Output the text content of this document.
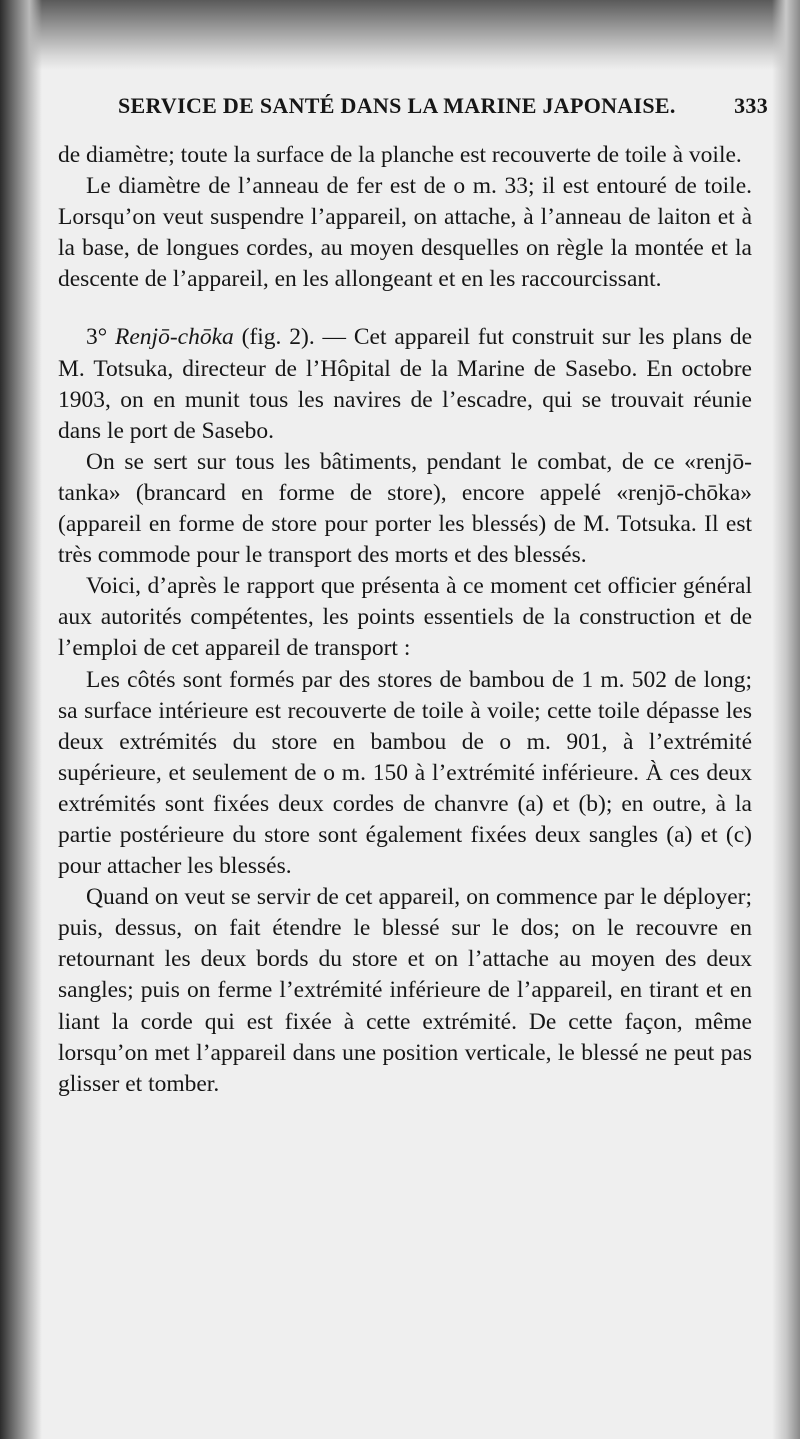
SERVICE DE SANTÉ DANS LA MARINE JAPONAISE.	333

de diamètre; toute la surface de la planche est recouverte de toile à voile.

Le diamètre de l’anneau de fer est de o m. 33; il est entouré de toile. Lorsqu’on veut suspendre l’appareil, on attache, à l’anneau de laiton et à la base, de longues cordes, au moyen desquelles on règle la montée et la descente de l’appareil, en les allongeant et en les raccourcissant.

3° Renjō-chōka (fig. 2). — Cet appareil fut construit sur les plans de M. Totsuka, directeur de l’Hôpital de la Marine de Sasebo. En octobre 1903, on en munit tous les navires de l’escadre, qui se trouvait réunie dans le port de Sasebo.

On se sert sur tous les bâtiments, pendant le combat, de ce «renjō-tanka» (brancard en forme de store), encore appelé «renjō-chōka» (appareil en forme de store pour porter les blessés) de M. Totsuka. Il est très commode pour le transport des morts et des blessés.

Voici, d’après le rapport que présenta à ce moment cet officier général aux autorités compétentes, les points essentiels de la construction et de l’emploi de cet appareil de transport :

Les côtés sont formés par des stores de bambou de 1 m. 502 de long; sa surface intérieure est recouverte de toile à voile; cette toile dépasse les deux extrémités du store en bambou de o m. 901, à l’extrémité supérieure, et seulement de o m. 150 à l’extrémité inférieure. À ces deux extrémités sont fixées deux cordes de chanvre (a) et (b); en outre, à la partie postérieure du store sont également fixées deux sangles (a) et (c) pour attacher les blessés.

Quand on veut se servir de cet appareil, on commence par le déployer; puis, dessus, on fait étendre le blessé sur le dos; on le recouvre en retournant les deux bords du store et on l’attache au moyen des deux sangles; puis on ferme l’extrémité inférieure de l’appareil, en tirant et en liant la corde qui est fixée à cette extrémité. De cette façon, même lorsqu’on met l’appareil dans une position verticale, le blessé ne peut pas glisser et tomber.
